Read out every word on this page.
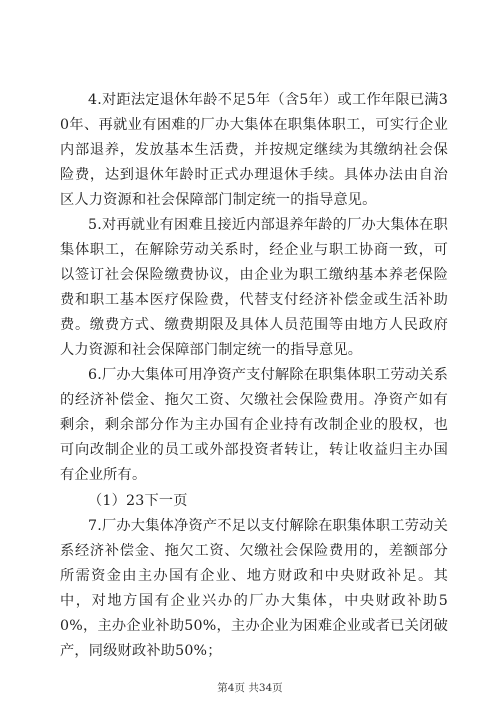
4.对距法定退休年龄不足5年（含5年）或工作年限已满30年、再就业有困难的厂办大集体在职集体职工，可实行企业内部退养，发放基本生活费，并按规定继续为其缴纳社会保险费，达到退休年龄时正式办理退休手续。具体办法由自治区人力资源和社会保障部门制定统一的指导意见。

5.对再就业有困难且接近内部退养年龄的厂办大集体在职集体职工，在解除劳动关系时，经企业与职工协商一致，可以签订社会保险缴费协议，由企业为职工缴纳基本养老保险费和职工基本医疗保险费，代替支付经济补偿金或生活补助费。缴费方式、缴费期限及具体人员范围等由地方人民政府人力资源和社会保障部门制定统一的指导意见。

6.厂办大集体可用净资产支付解除在职集体职工劳动关系的经济补偿金、拖欠工资、欠缴社会保险费用。净资产如有剩余，剩余部分作为主办国有企业持有改制企业的股权，也可向改制企业的员工或外部投资者转让，转让收益归主办国有企业所有。

（1）23下一页

7.厂办大集体净资产不足以支付解除在职集体职工劳动关系经济补偿金、拖欠工资、欠缴社会保险费用的，差额部分所需资金由主办国有企业、地方财政和中央财政补足。其中，对地方国有企业兴办的厂办大集体，中央财政补助50%，主办企业补助50%，主办企业为困难企业或者已关闭破产，同级财政补助50%；

第4页 共34页
